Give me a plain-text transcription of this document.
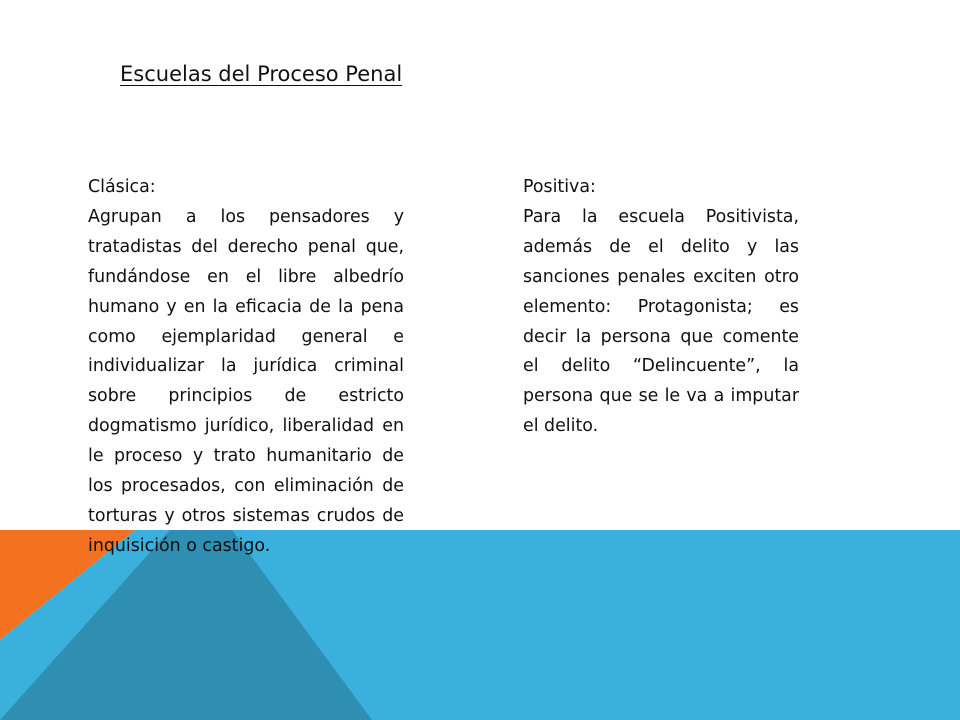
Escuelas del Proceso Penal
Clásica:
Agrupan a los pensadores y tratadistas del derecho penal que, fundándose en el libre albedrío humano y en la eficacia de la pena como ejemplaridad general e individualizar la jurídica criminal sobre principios de estricto dogmatismo jurídico, liberalidad en le proceso y trato humanitario de los procesados, con eliminación de torturas y otros sistemas crudos de inquisición o castigo.
Positiva:
Para la escuela Positivista, además de el delito y las sanciones penales exciten otro elemento: Protagonista; es decir la persona que comente el delito “Delincuente”, la persona que se le va a imputar el delito.
